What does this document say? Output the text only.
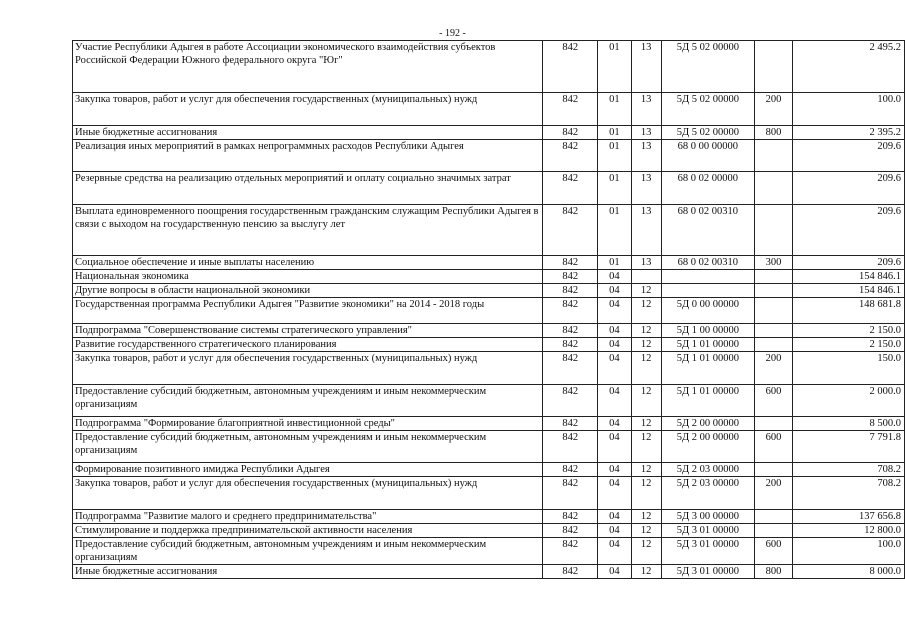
- 192 -
Участие Республики Адыгея в работе Ассоциации экономического взаимодействия субъектов Российской Федерации Южного федерального округа "Юг"	842	01	13	5Д 5 02 00000		2 495.2
Закупка товаров, работ и услуг для обеспечения государственных (муниципальных) нужд	842	01	13	5Д 5 02 00000	200	100.0
Иные бюджетные ассигнования	842	01	13	5Д 5 02 00000	800	2 395.2
Реализация иных мероприятий в рамках непрограммных расходов Республики Адыгея	842	01	13	68 0 00 00000		209.6
Резервные средства на реализацию отдельных мероприятий и оплату социально значимых затрат	842	01	13	68 0 02 00000		209.6
Выплата единовременного поощрения государственным гражданским служащим Республики Адыгея в связи с выходом на государственную пенсию за выслугу лет	842	01	13	68 0 02 00310		209.6
Социальное обеспечение и иные выплаты населению	842	01	13	68 0 02 00310	300	209.6
Национальная экономика	842	04				154 846.1
Другие вопросы в области национальной экономики	842	04	12			154 846.1
Государственная программа Республики Адыгея "Развитие экономики" на 2014 - 2018 годы	842	04	12	5Д 0 00 00000		148 681.8
Подпрограмма "Совершенствование системы стратегического управления"	842	04	12	5Д 1 00 00000		2 150.0
Развитие государственного стратегического планирования	842	04	12	5Д 1 01 00000		2 150.0
Закупка товаров, работ и услуг для обеспечения государственных (муниципальных) нужд	842	04	12	5Д 1 01 00000	200	150.0
Предоставление субсидий бюджетным, автономным учреждениям и иным некоммерческим организациям	842	04	12	5Д 1 01 00000	600	2 000.0
Подпрограмма "Формирование благоприятной инвестиционной среды"	842	04	12	5Д 2 00 00000		8 500.0
Предоставление субсидий бюджетным, автономным учреждениям и иным некоммерческим организациям	842	04	12	5Д 2 00 00000	600	7 791.8
Формирование позитивного имиджа Республики Адыгея	842	04	12	5Д 2 03 00000		708.2
Закупка товаров, работ и услуг для обеспечения государственных (муниципальных) нужд	842	04	12	5Д 2 03 00000	200	708.2
Подпрограмма "Развитие малого и среднего предпринимательства"	842	04	12	5Д 3 00 00000		137 656.8
Стимулирование и поддержка предпринимательской активности населения	842	04	12	5Д 3 01 00000		12 800.0
Предоставление субсидий бюджетным, автономным учреждениям и иным некоммерческим организациям	842	04	12	5Д 3 01 00000	600	100.0
Иные бюджетные ассигнования	842	04	12	5Д 3 01 00000	800	8 000.0
